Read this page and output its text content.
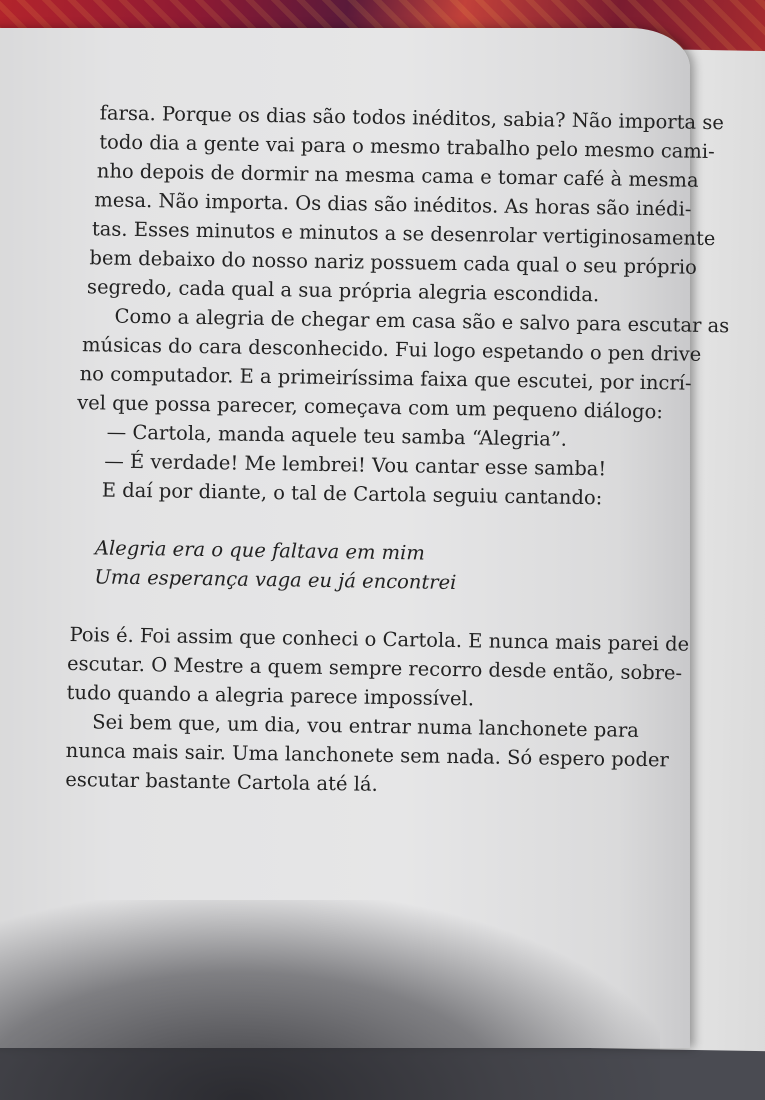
farsa. Porque os dias são todos inéditos, sabia? Não importa se
todo dia a gente vai para o mesmo trabalho pelo mesmo cami-
nho depois de dormir na mesma cama e tomar café à mesma
mesa. Não importa. Os dias são inéditos. As horas são inédi-
tas. Esses minutos e minutos a se desenrolar vertiginosamente
bem debaixo do nosso nariz possuem cada qual o seu próprio
segredo, cada qual a sua própria alegria escondida.
Como a alegria de chegar em casa são e salvo para escutar as
músicas do cara desconhecido. Fui logo espetando o pen drive
no computador. E a primeiríssima faixa que escutei, por incrí-
vel que possa parecer, começava com um pequeno diálogo:
— Cartola, manda aquele teu samba “Alegria”.
— É verdade! Me lembrei! Vou cantar esse samba!
E daí por diante, o tal de Cartola seguiu cantando:
Alegria era o que faltava em mim
Uma esperança vaga eu já encontrei
Pois é. Foi assim que conheci o Cartola. E nunca mais parei de
escutar. O Mestre a quem sempre recorro desde então, sobre-
tudo quando a alegria parece impossível.
Sei bem que, um dia, vou entrar numa lanchonete para
nunca mais sair. Uma lanchonete sem nada. Só espero poder
escutar bastante Cartola até lá.
